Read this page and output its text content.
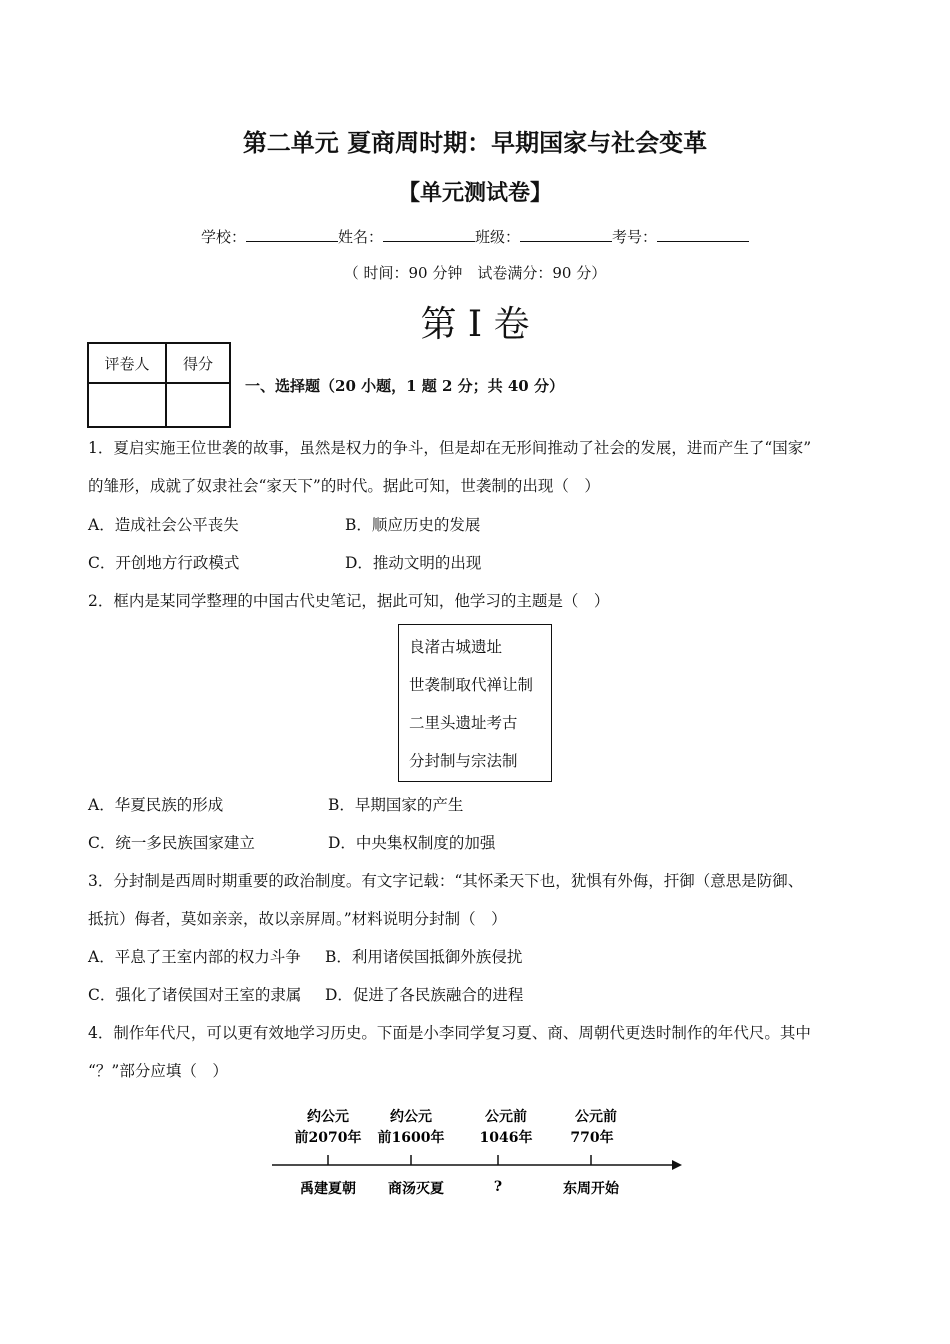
第二单元 夏商周时期：早期国家与社会变革
【单元测试卷】
学校：	姓名：	班级：	考号：
（ 时间：90 分钟　试卷满分：90 分）
第 I 卷
评卷人	得分

一、选择题（20 小题，1 题 2 分；共 40 分）
1．夏启实施王位世袭的故事，虽然是权力的争斗，但是却在无形间推动了社会的发展，进而产生了“国家”
的雏形，成就了奴隶社会“家天下”的时代。据此可知，世袭制的出现（　）
A．造成社会公平丧失	B．顺应历史的发展
C．开创地方行政模式	D．推动文明的出现
2．框内是某同学整理的中国古代史笔记，据此可知，他学习的主题是（　）
良渚古城遗址
世袭制取代禅让制
二里头遗址考古
分封制与宗法制
A．华夏民族的形成	B．早期国家的产生
C．统一多民族国家建立	D．中央集权制度的加强
3．分封制是西周时期重要的政治制度。有文字记载：“其怀柔天下也，犹惧有外侮，扞御（意思是防御、
抵抗）侮者，莫如亲亲，故以亲屏周。”材料说明分封制（　）
A．平息了王室内部的权力斗争 B．利用诸侯国抵御外族侵扰
C．强化了诸侯国对王室的隶属 D．促进了各民族融合的进程
4．制作年代尺，可以更有效地学习历史。下面是小李同学复习夏、商、周朝代更迭时制作的年代尺。其中
“？”部分应填（　）
约公元
前2070年
禹建夏朝
约公元
前1600年
商汤灭夏
公元前
1046年
?
公元前
770年
东周开始
